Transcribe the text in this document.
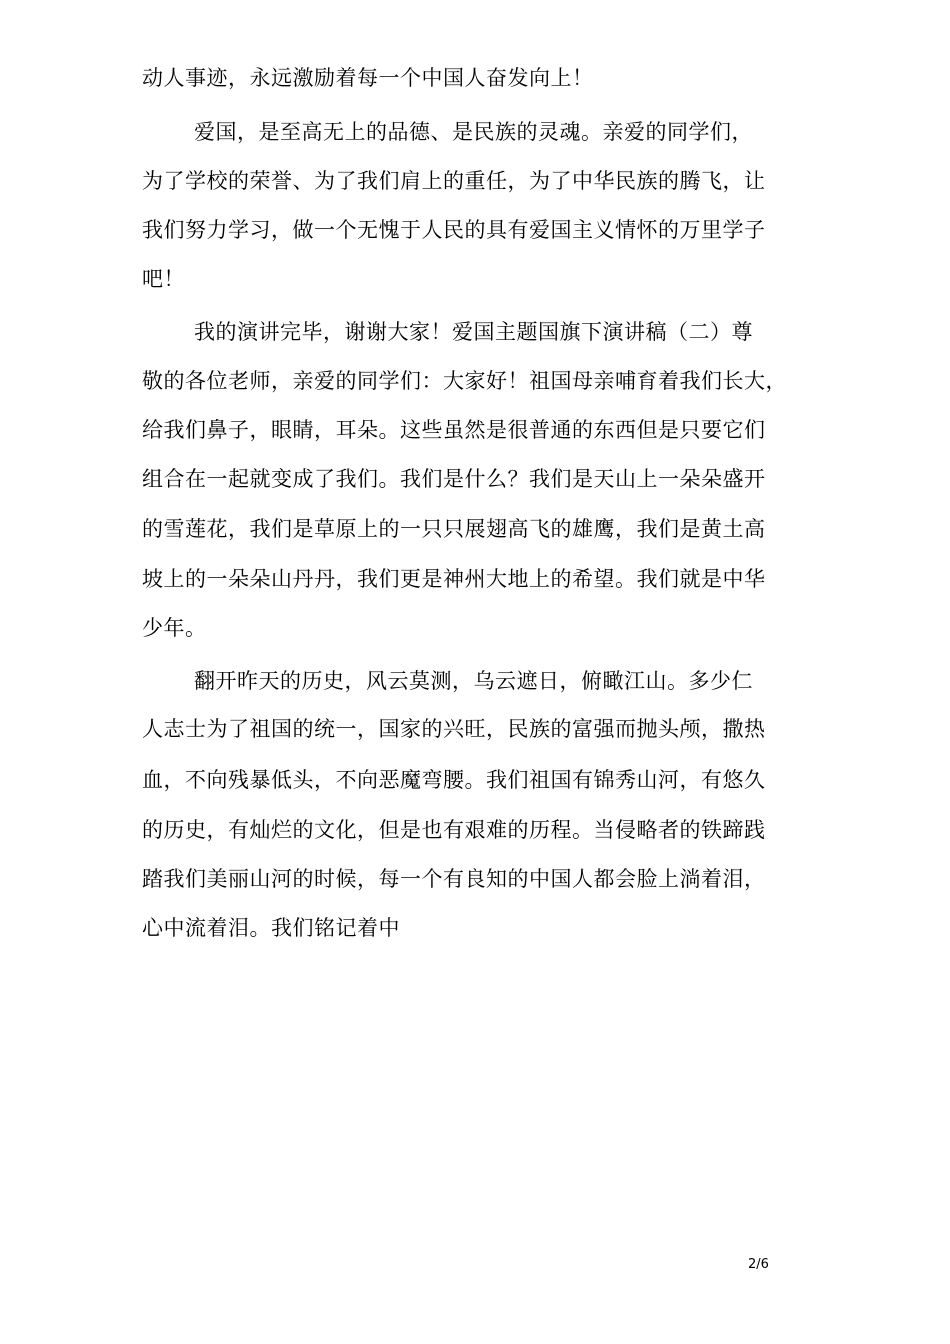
动人事迹，永远激励着每一个中国人奋发向上！
爱国，是至高无上的品德、是民族的灵魂。亲爱的同学们，
为了学校的荣誉、为了我们肩上的重任，为了中华民族的腾飞，让
我们努力学习，做一个无愧于人民的具有爱国主义情怀的万里学子
吧！
我的演讲完毕，谢谢大家！爱国主题国旗下演讲稿（二）尊
敬的各位老师，亲爱的同学们：大家好！祖国母亲哺育着我们长大，
给我们鼻子，眼睛，耳朵。这些虽然是很普通的东西但是只要它们
组合在一起就变成了我们。我们是什么？我们是天山上一朵朵盛开
的雪莲花，我们是草原上的一只只展翅高飞的雄鹰，我们是黄土高
坡上的一朵朵山丹丹，我们更是神州大地上的希望。我们就是中华
少年。
翻开昨天的历史，风云莫测，乌云遮日，俯瞰江山。多少仁
人志士为了祖国的统一，国家的兴旺，民族的富强而抛头颅，撒热
血，不向残暴低头，不向恶魔弯腰。我们祖国有锦秀山河，有悠久
的历史，有灿烂的文化，但是也有艰难的历程。当侵略者的铁蹄践
踏我们美丽山河的时候，每一个有良知的中国人都会脸上淌着泪，
心中流着泪。我们铭记着中
2/6
